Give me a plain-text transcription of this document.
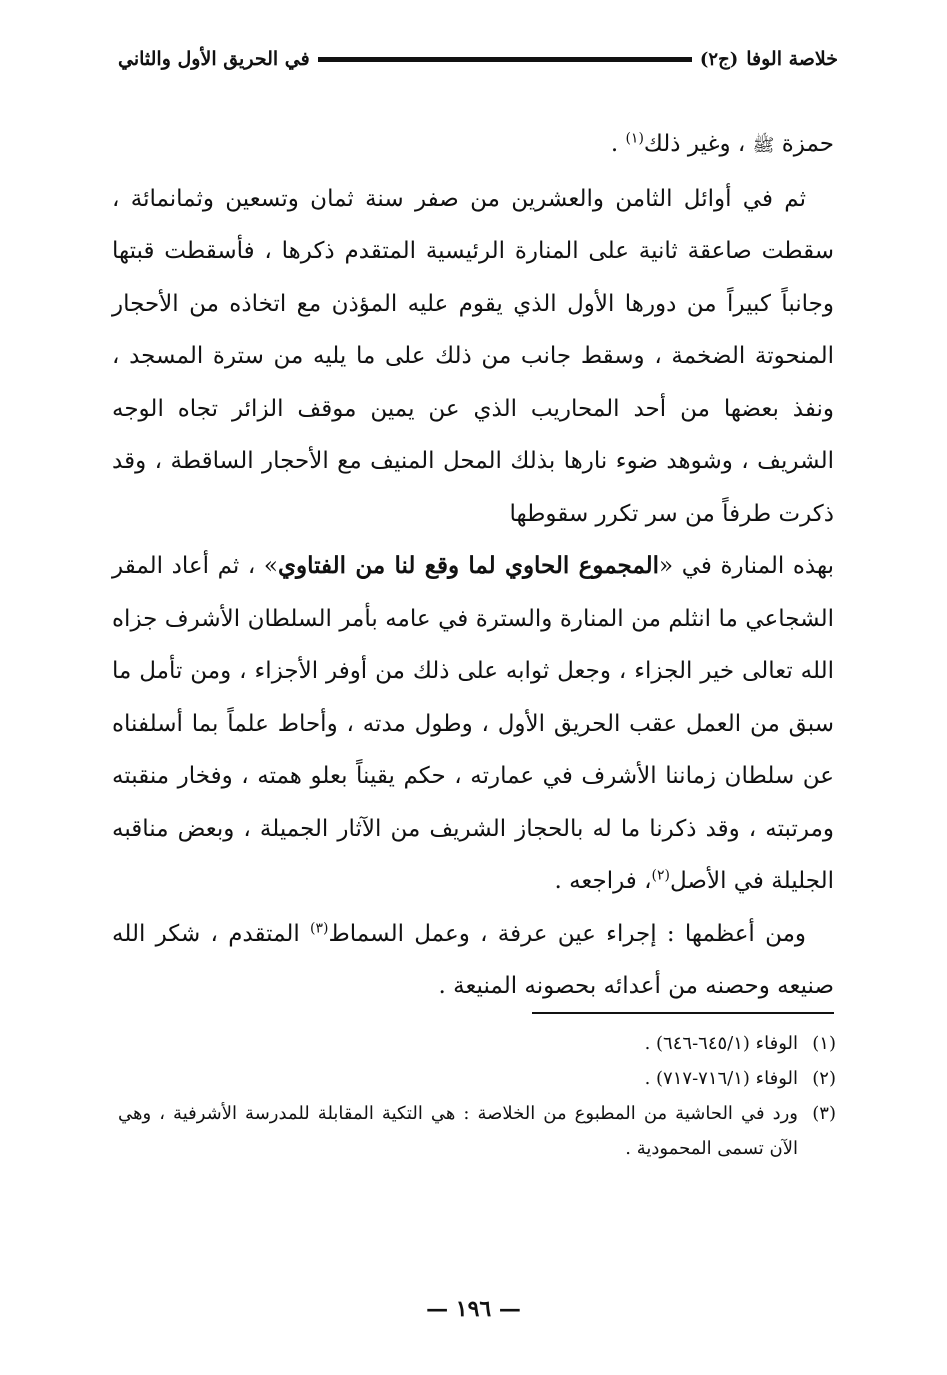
خلاصة الوفا
(ج٢)
في الحريق الأول والثاني

حمزة ﷺ ، وغير ذلك$^{(١)}$ .

ثم في أوائل الثامن والعشرين من صفر سنة ثمان وتسعين وثمانمائة ، سقطت صاعقة ثانية على المنارة الرئيسية المتقدم ذكرها ، فأسقطت قبتها وجانباً كبيراً من دورها الأول الذي يقوم عليه المؤذن مع اتخاذه من الأحجار المنحوتة الضخمة ، وسقط جانب من ذلك على ما يليه من سترة المسجد ، ونفذ بعضها من أحد المحاريب الذي عن يمين موقف الزائر تجاه الوجه الشريف ، وشوهد ضوء نارها بذلك المحل المنيف مع الأحجار الساقطة ، وقد ذكرت طرفاً من سر تكرر سقوطها

بهذه المنارة في «المجموع الحاوي لما وقع لنا من الفتاوي» ، ثم أعاد المقر الشجاعي ما انثلم من المنارة والسترة في عامه بأمر السلطان الأشرف جزاه الله تعالى خير الجزاء ، وجعل ثوابه على ذلك من أوفر الأجزاء ، ومن تأمل ما سبق من العمل عقب الحريق الأول ، وطول مدته ، وأحاط علماً بما أسلفناه عن سلطان زماننا الأشرف في عمارته ، حكم يقيناً بعلو همته ، وفخار منقبته ومرتبته ، وقد ذكرنا ما له بالحجاز الشريف من الآثار الجميلة ، وبعض مناقبه الجليلة في الأصل$^{(٢)}$، فراجعه .

ومن أعظمها : إجراء عين عرفة ، وعمل السماط$^{(٣)}$ المتقدم ، شكر الله صنيعه وحصنه من أعدائه بحصونه المنيعة .

(١)
الوفاء (٦٤٥/١-٦٤٦) .
(٢)
الوفاء (٧١٦/١-٧١٧) .
(٣)
ورد في الحاشية من المطبوع من الخلاصة : هي التكية المقابلة للمدرسة الأشرفية ، وهي الآن تسمى المحمودية .
— ١٩٦ —
